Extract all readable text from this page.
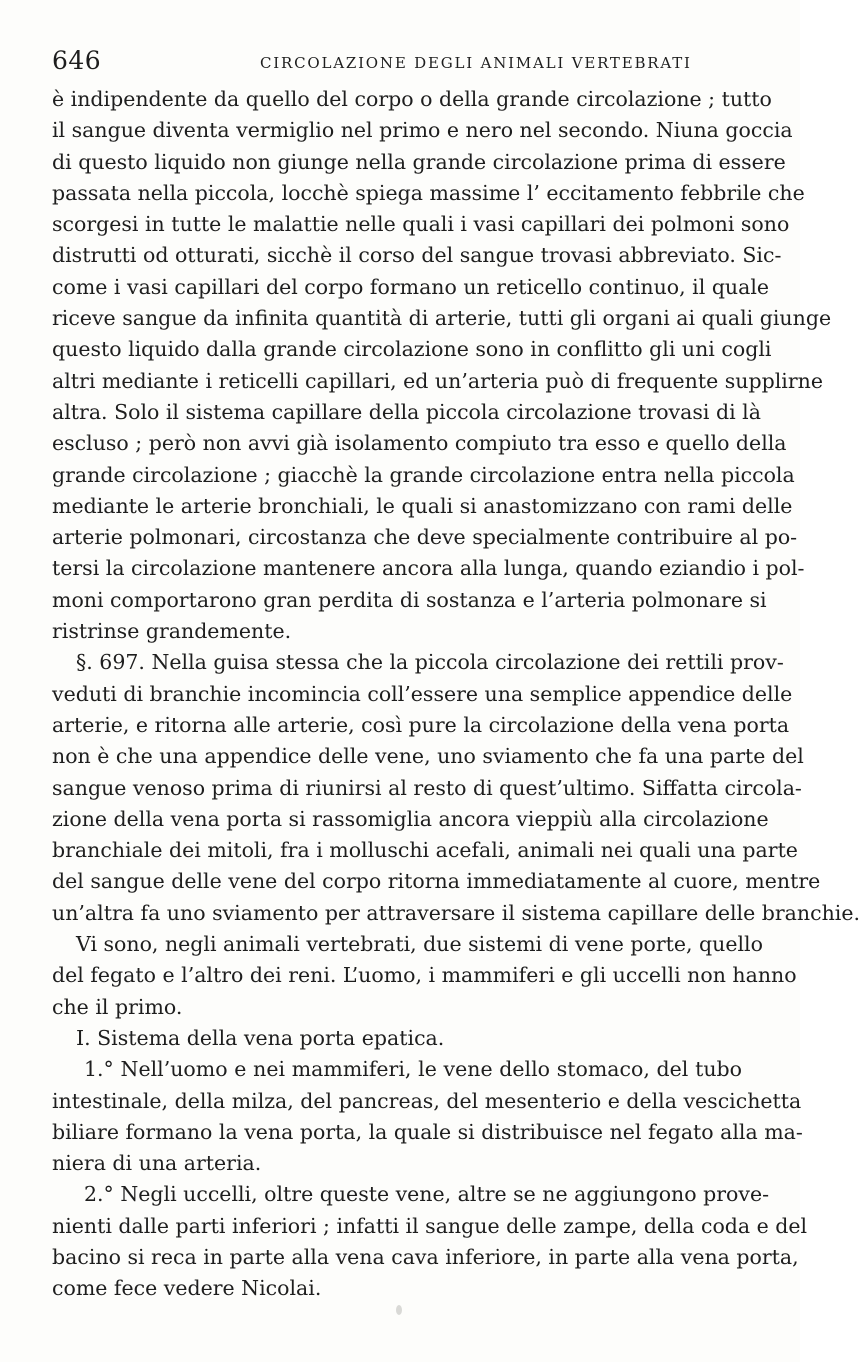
646	CIRCOLAZIONE DEGLI ANIMALI VERTEBRATI
è indipendente da quello del corpo o della grande circolazione ; tutto
il sangue diventa vermiglio nel primo e nero nel secondo. Niuna goccia
di questo liquido non giunge nella grande circolazione prima di essere
passata nella piccola, locchè spiega massime l’ eccitamento febbrile che
scorgesi in tutte le malattie nelle quali i vasi capillari dei polmoni sono
distrutti od otturati, sicchè il corso del sangue trovasi abbreviato. Sic-
come i vasi capillari del corpo formano un reticello continuo, il quale
riceve sangue da infinita quantità di arterie, tutti gli organi ai quali giunge
questo liquido dalla grande circolazione sono in conflitto gli uni cogli
altri mediante i reticelli capillari, ed un’arteria può di frequente supplirne
altra. Solo il sistema capillare della piccola circolazione trovasi di là
escluso ; però non avvi già isolamento compiuto tra esso e quello della
grande circolazione ; giacchè la grande circolazione entra nella piccola
mediante le arterie bronchiali, le quali si anastomizzano con rami delle
arterie polmonari, circostanza che deve specialmente contribuire al po-
tersi la circolazione mantenere ancora alla lunga, quando eziandio i pol-
moni comportarono gran perdita di sostanza e l’arteria polmonare si
ristrinse grandemente.
§. 697. Nella guisa stessa che la piccola circolazione dei rettili prov-
veduti di branchie incomincia coll’essere una semplice appendice delle
arterie, e ritorna alle arterie, così pure la circolazione della vena porta
non è che una appendice delle vene, uno sviamento che fa una parte del
sangue venoso prima di riunirsi al resto di quest’ultimo. Siffatta circola-
zione della vena porta si rassomiglia ancora vieppiù alla circolazione
branchiale dei mitoli, fra i molluschi acefali, animali nei quali una parte
del sangue delle vene del corpo ritorna immediatamente al cuore, mentre
un’altra fa uno sviamento per attraversare il sistema capillare delle branchie.
Vi sono, negli animali vertebrati, due sistemi di vene porte, quello
del fegato e l’altro dei reni. L’uomo, i mammiferi e gli uccelli non hanno
che il primo.
I. Sistema della vena porta epatica.
1.° Nell’uomo e nei mammiferi, le vene dello stomaco, del tubo
intestinale, della milza, del pancreas, del mesenterio e della vescichetta
biliare formano la vena porta, la quale si distribuisce nel fegato alla ma-
niera di una arteria.
2.° Negli uccelli, oltre queste vene, altre se ne aggiungono prove-
nienti dalle parti inferiori ; infatti il sangue delle zampe, della coda e del
bacino si reca in parte alla vena cava inferiore, in parte alla vena porta,
come fece vedere Nicolai.
